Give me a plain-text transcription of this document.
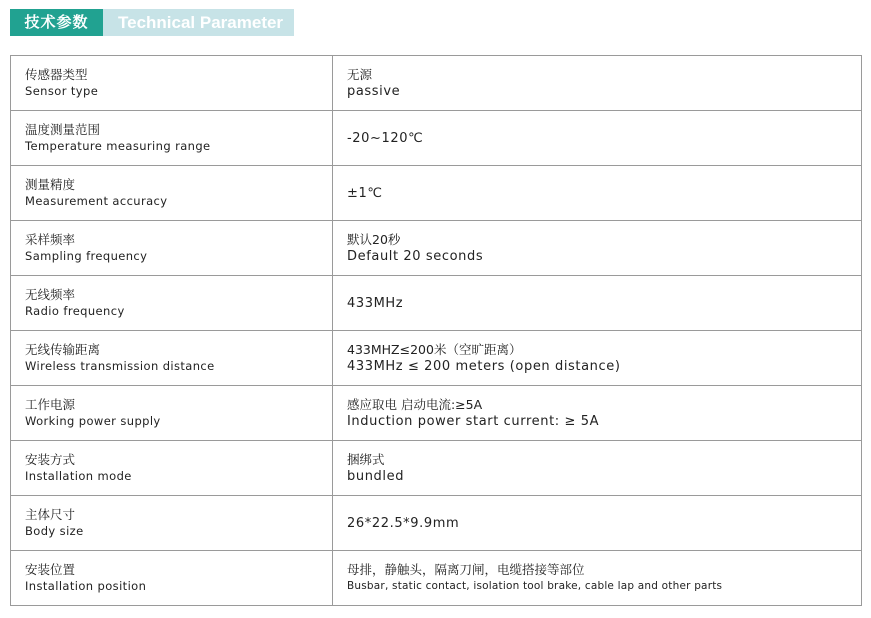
技术参数	Technical Parameter
传感器类型
Sensor type	无源
passive

温度测量范围
Temperature measuring range	-20~120℃

测量精度
Measurement accuracy	±1℃

采样频率
Sampling frequency	默认20秒
Default 20 seconds

无线频率
Radio frequency	433MHz

无线传输距离
Wireless transmission distance	433MHZ≤200米（空旷距离）
433MHz ≤ 200 meters (open distance)

工作电源
Working power supply	感应取电 启动电流:≥5A
Induction power start current: ≥ 5A

安装方式
Installation mode	捆绑式
bundled

主体尺寸
Body size	26*22.5*9.9mm

安装位置
Installation position	母排，静触头，隔离刀闸，电缆搭接等部位
Busbar, static contact, isolation tool brake, cable lap and other parts
